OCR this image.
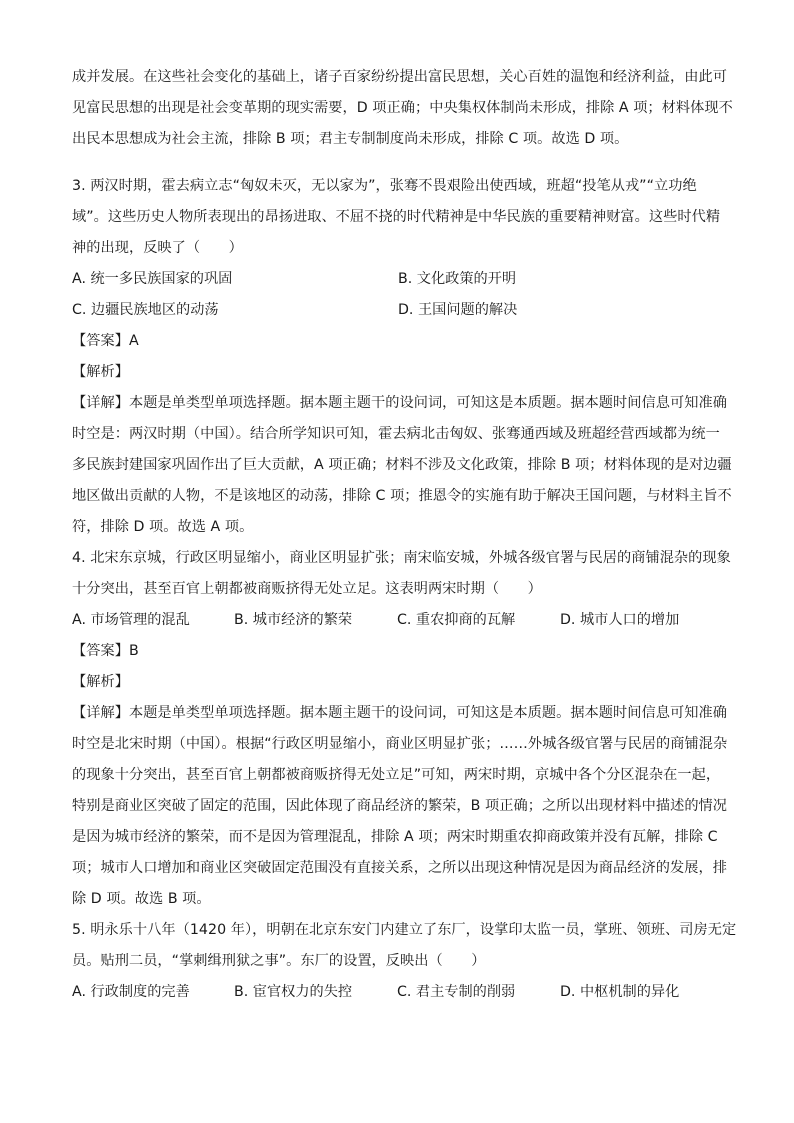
成并发展。在这些社会变化的基础上，诸子百家纷纷提出富民思想，关心百姓的温饱和经济利益，由此可
见富民思想的出现是社会变革期的现实需要，D 项正确；中央集权体制尚未形成，排除 A 项；材料体现不
出民本思想成为社会主流，排除 B 项；君主专制制度尚未形成，排除 C 项。故选 D 项。
3. 两汉时期，霍去病立志“匈奴未灭，无以家为”，张骞不畏艰险出使西域，班超“投笔从戎”“立功绝
域”。这些历史人物所表现出的昂扬进取、不屈不挠的时代精神是中华民族的重要精神财富。这些时代精
神的出现，反映了（　　）
A. 统一多民族国家的巩固	B. 文化政策的开明
C. 边疆民族地区的动荡	D. 王国问题的解决
【答案】A
【解析】
【详解】本题是单类型单项选择题。据本题主题干的设问词，可知这是本质题。据本题时间信息可知准确
时空是：两汉时期（中国）。结合所学知识可知，霍去病北击匈奴、张骞通西域及班超经营西域都为统一
多民族封建国家巩固作出了巨大贡献，A 项正确；材料不涉及文化政策，排除 B 项；材料体现的是对边疆
地区做出贡献的人物，不是该地区的动荡，排除 C 项；推恩令的实施有助于解决王国问题，与材料主旨不
符，排除 D 项。故选 A 项。
4. 北宋东京城，行政区明显缩小，商业区明显扩张；南宋临安城，外城各级官署与民居的商铺混杂的现象
十分突出，甚至百官上朝都被商贩挤得无处立足。这表明两宋时期（　　）
A. 市场管理的混乱	B. 城市经济的繁荣	C. 重农抑商的瓦解	D. 城市人口的增加
【答案】B
【解析】
【详解】本题是单类型单项选择题。据本题主题干的设问词，可知这是本质题。据本题时间信息可知准确
时空是北宋时期（中国）。根据“行政区明显缩小，商业区明显扩张；……外城各级官署与民居的商铺混杂
的现象十分突出，甚至百官上朝都被商贩挤得无处立足”可知，两宋时期，京城中各个分区混杂在一起，
特别是商业区突破了固定的范围，因此体现了商品经济的繁荣，B 项正确；之所以出现材料中描述的情况
是因为城市经济的繁荣，而不是因为管理混乱，排除 A 项；两宋时期重农抑商政策并没有瓦解，排除 C
项；城市人口增加和商业区突破固定范围没有直接关系，之所以出现这种情况是因为商品经济的发展，排
除 D 项。故选 B 项。
5. 明永乐十八年（1420 年），明朝在北京东安门内建立了东厂，设掌印太监一员，掌班、领班、司房无定
员。贴刑二员，“掌刺缉刑狱之事”。东厂的设置，反映出（　　）
A. 行政制度的完善	B. 宦官权力的失控	C. 君主专制的削弱	D. 中枢机制的异化
